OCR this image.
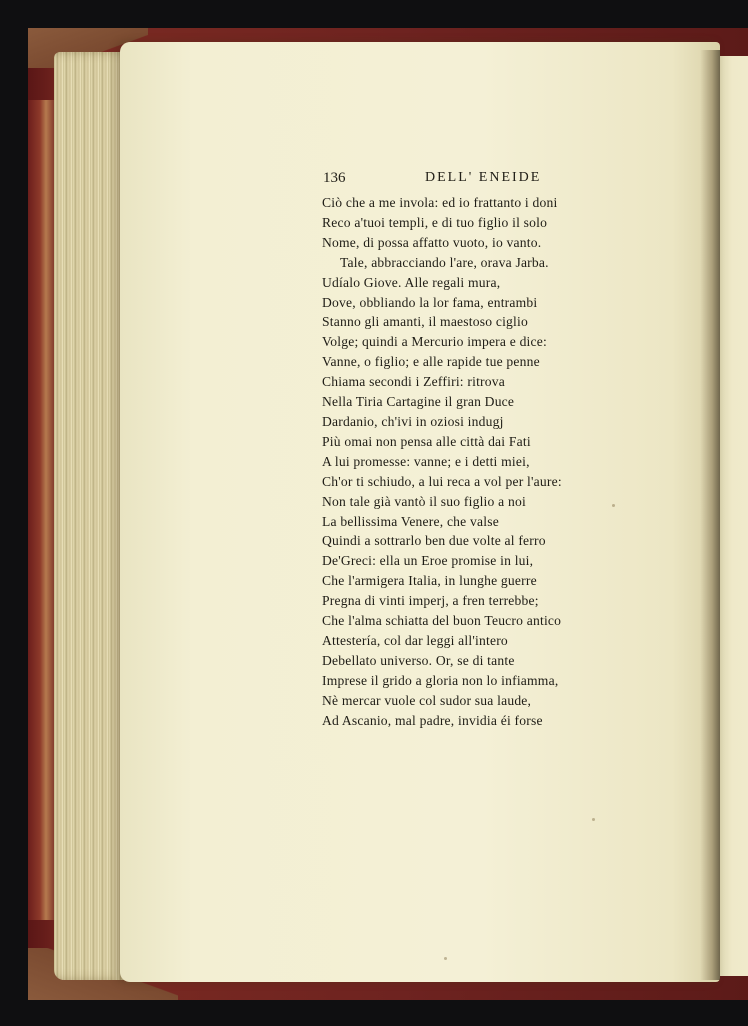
136	DELL' ENEIDE
Ciò che a me invola: ed io frattanto i doni
Reco a'tuoi templi, e di tuo figlio il solo
Nome, di possa affatto vuoto, io vanto.
Tale, abbracciando l'are, orava Jarba.
Udíalo Giove. Alle regali mura,
Dove, obbliando la lor fama, entrambi
Stanno gli amanti, il maestoso ciglio
Volge; quindi a Mercurio impera e dice:
Vanne, o figlio; e alle rapide tue penne
Chiama secondi i Zeffiri: ritrova
Nella Tiria Cartagine il gran Duce
Dardanio, ch'ivi in oziosi indugj
Più omai non pensa alle città dai Fati
A lui promesse: vanne; e i detti miei,
Ch'or ti schiudo, a lui reca a vol per l'aure:
Non tale già vantò il suo figlio a noi
La bellissima Venere, che valse
Quindi a sottrarlo ben due volte al ferro
De'Greci: ella un Eroe promise in lui,
Che l'armigera Italia, in lunghe guerre
Pregna di vinti imperj, a fren terrebbe;
Che l'alma schiatta del buon Teucro antico
Attestería, col dar leggi all'intero
Debellato universo. Or, se di tante
Imprese il grido a gloria non lo infiamma,
Nè mercar vuole col sudor sua laude,
Ad Ascanio, mal padre, invidia éi forse
